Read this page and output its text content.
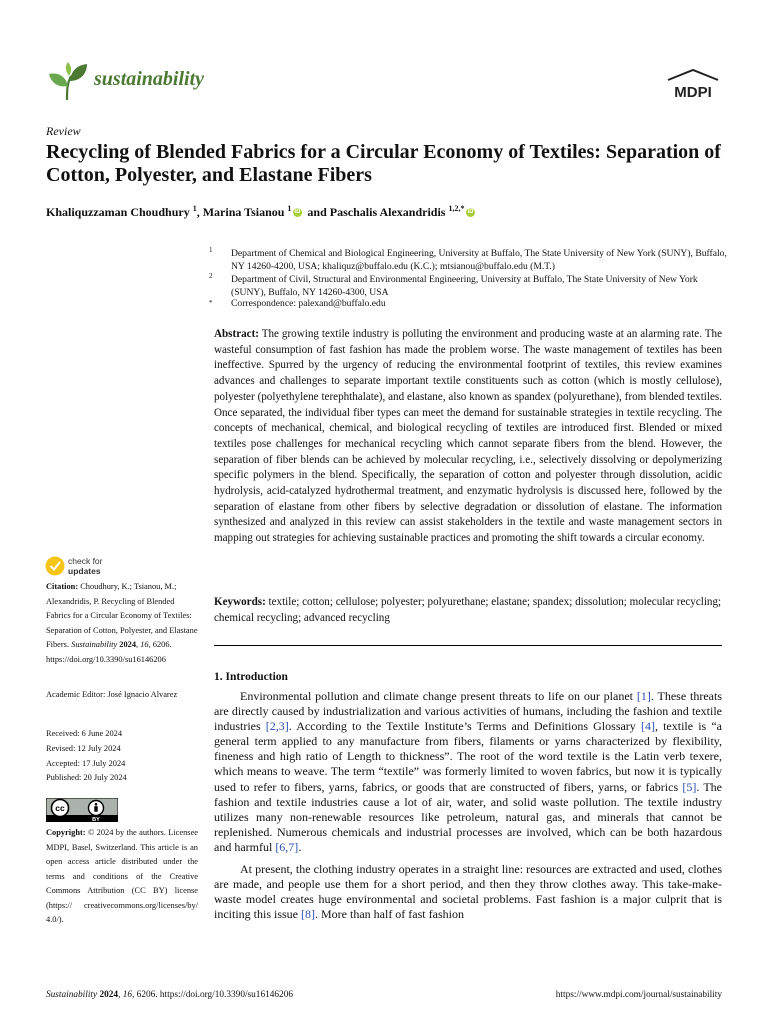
sustainability
MDPI
Review
Recycling of Blended Fabrics for a Circular Economy of Textiles: Separation of Cotton, Polyester, and Elastane Fibers
Khaliquzzaman Choudhury $^1$, Marina Tsianou $^1$iD and Paschalis Alexandridis $^{1,2,*}$iD
1 Department of Chemical and Biological Engineering, University at Buffalo, The State University of New York (SUNY), Buffalo, NY 14260-4200, USA; khaliquz@buffalo.edu (K.C.); mtsianou@buffalo.edu (M.T.)
2 Department of Civil, Structural and Environmental Engineering, University at Buffalo, The State University of New York (SUNY), Buffalo, NY 14260-4300, USA
* Correspondence: palexand@buffalo.edu
Abstract: The growing textile industry is polluting the environment and producing waste at an alarming rate. The wasteful consumption of fast fashion has made the problem worse. The waste management of textiles has been ineffective. Spurred by the urgency of reducing the environmental footprint of textiles, this review examines advances and challenges to separate important textile constituents such as cotton (which is mostly cellulose), polyester (polyethylene terephthalate), and elastane, also known as spandex (polyurethane), from blended textiles. Once separated, the individual fiber types can meet the demand for sustainable strategies in textile recycling. The concepts of mechanical, chemical, and biological recycling of textiles are introduced first. Blended or mixed textiles pose challenges for mechanical recycling which cannot separate fibers from the blend. However, the separation of fiber blends can be achieved by molecular recycling, i.e., selectively dissolving or depolymerizing specific polymers in the blend. Specifically, the separation of cotton and polyester through dissolution, acidic hydrolysis, acid-catalyzed hydrothermal treatment, and enzymatic hydrolysis is discussed here, followed by the separation of elastane from other fibers by selective degradation or dissolution of elastane. The information synthesized and analyzed in this review can assist stakeholders in the textile and waste management sectors in mapping out strategies for achieving sustainable practices and promoting the shift towards a circular economy.
Keywords: textile; cotton; cellulose; polyester; polyurethane; elastane; spandex; dissolution; molecular recycling; chemical recycling; advanced recycling
1. Introduction
Environmental pollution and climate change present threats to life on our planet [1]. These threats are directly caused by industrialization and various activities of humans, including the fashion and textile industries [2,3]. According to the Textile Institute’s Terms and Definitions Glossary [4], textile is “a general term applied to any manufacture from fibers, filaments or yarns characterized by flexibility, fineness and high ratio of Length to thickness”. The root of the word textile is the Latin verb texere, which means to weave. The term “textile” was formerly limited to woven fabrics, but now it is typically used to refer to fibers, yarns, fabrics, or goods that are constructed of fibers, yarns, or fabrics [5]. The fashion and textile industries cause a lot of air, water, and solid waste pollution. The textile industry utilizes many non-renewable resources like petroleum, natural gas, and minerals that cannot be replenished. Numerous chemicals and industrial processes are involved, which can be both hazardous and harmful [6,7].
At present, the clothing industry operates in a straight line: resources are extracted and used, clothes are made, and people use them for a short period, and then they throw clothes away. This take-make-waste model creates huge environmental and societal problems. Fast fashion is a major culprit that is inciting this issue [8]. More than half of fast fashion
check for
updates
Citation: Choudhury, K.; Tsianou, M.; Alexandridis, P. Recycling of Blended Fabrics for a Circular Economy of Textiles: Separation of Cotton, Polyester, and Elastane Fibers. Sustainability 2024, 16, 6206. https://doi.org/10.3390/su16146206
Academic Editor: José Ignacio Alvarez
Received: 6 June 2024
Revised: 12 July 2024
Accepted: 17 July 2024
Published: 20 July 2024
cc
BY
Copyright: © 2024 by the authors. Licensee MDPI, Basel, Switzerland. This article is an open access article distributed under the terms and conditions of the Creative Commons Attribution (CC BY) license (https:// creativecommons.org/licenses/by/ 4.0/).
Sustainability 2024, 16, 6206. https://doi.org/10.3390/su16146206	https://www.mdpi.com/journal/sustainability
